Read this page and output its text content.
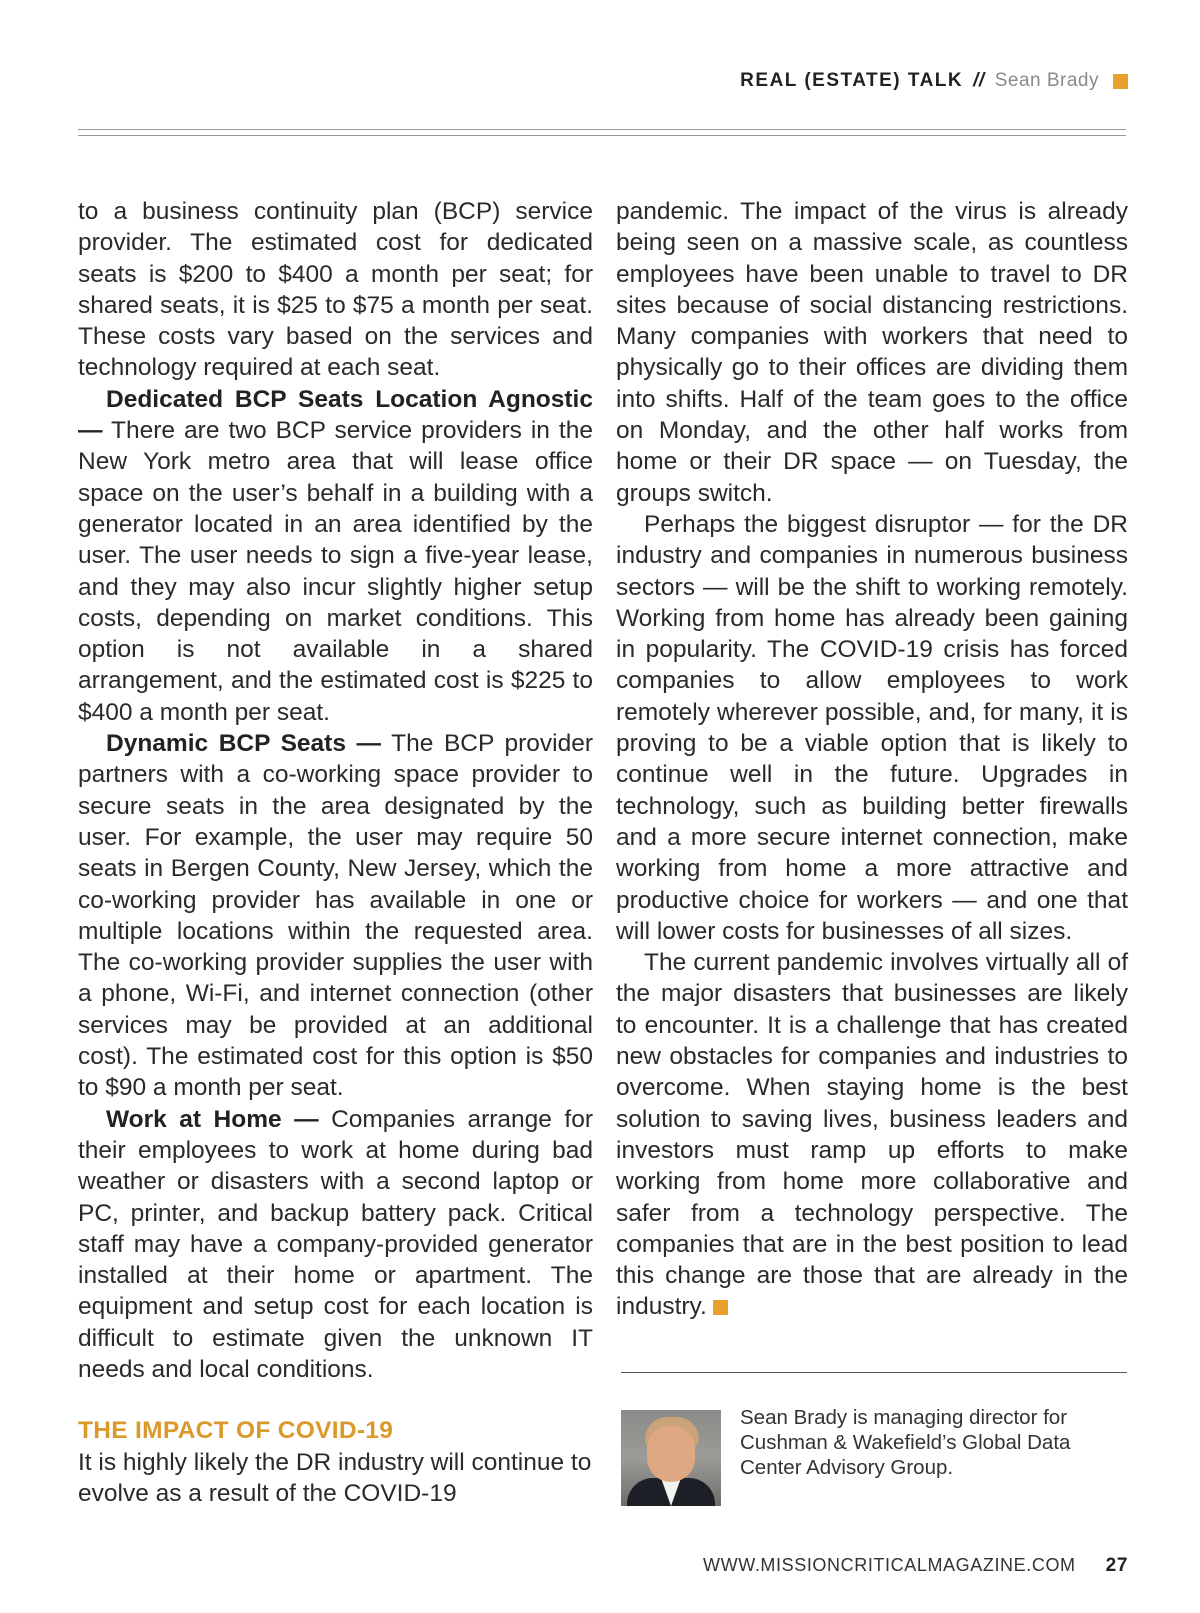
REAL (ESTATE) TALK // Sean Brady

to a business continuity plan (BCP) service provider. The estimated cost for dedicated seats is $200 to $400 a month per seat; for shared seats, it is $25 to $75 a month per seat. These costs vary based on the services and technology required at each seat.

Dedicated BCP Seats Location Agnostic — There are two BCP service providers in the New York metro area that will lease office space on the user’s behalf in a building with a generator located in an area identified by the user. The user needs to sign a five-year lease, and they may also incur slightly higher setup costs, depending on market conditions. This option is not available in a shared arrangement, and the estimated cost is $225 to $400 a month per seat.

Dynamic BCP Seats — The BCP provider partners with a co-working space provider to secure seats in the area designated by the user. For example, the user may require 50 seats in Bergen County, New Jersey, which the co-working provider has available in one or multiple locations within the requested area. The co-working provider supplies the user with a phone, Wi-Fi, and internet connection (other services may be provided at an additional cost). The estimated cost for this option is $50 to $90 a month per seat.

Work at Home — Companies arrange for their employees to work at home during bad weather or disasters with a second laptop or PC, printer, and backup battery pack. Critical staff may have a company-provided generator installed at their home or apartment. The equipment and setup cost for each location is difficult to estimate given the unknown IT needs and local conditions.

THE IMPACT OF COVID-19

It is highly likely the DR industry will continue to evolve as a result of the COVID-19

pandemic. The impact of the virus is already being seen on a massive scale, as countless employees have been unable to travel to DR sites because of social distancing restrictions. Many companies with workers that need to physically go to their offices are dividing them into shifts. Half of the team goes to the office on Monday, and the other half works from home or their DR space — on Tuesday, the groups switch.

Perhaps the biggest disruptor — for the DR industry and companies in numerous business sectors — will be the shift to working remotely. Working from home has already been gaining in popularity. The COVID-19 crisis has forced companies to allow employees to work remotely wherever possible, and, for many, it is proving to be a viable option that is likely to continue well in the future. Upgrades in technology, such as building better firewalls and a more secure internet connection, make working from home a more attractive and productive choice for workers — and one that will lower costs for businesses of all sizes.

The current pandemic involves virtually all of the major disasters that businesses are likely to encounter. It is a challenge that has created new obstacles for companies and industries to overcome. When staying home is the best solution to saving lives, business leaders and investors must ramp up efforts to make working from home more collaborative and safer from a technology perspective. The companies that are in the best position to lead this change are those that are already in the industry.

Sean Brady is managing director for Cushman & Wakefield’s Global Data Center Advisory Group.
WWW.MISSIONCRITICALMAGAZINE.COM 27
